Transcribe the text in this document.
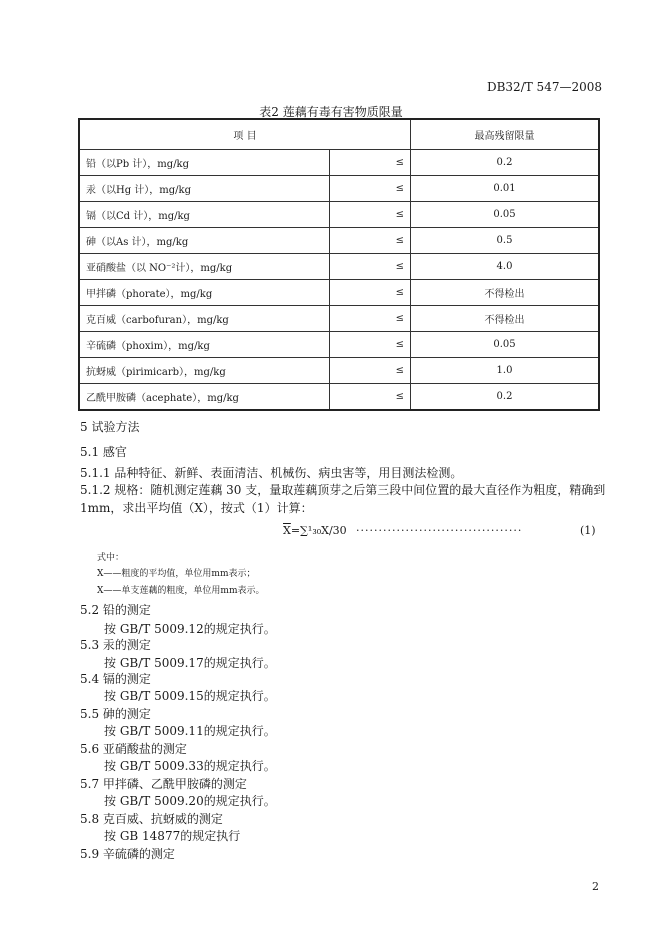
DB32/T 547—2008
表2 莲藕有毒有害物质限量
项 目		最高残留限量
铅（以Pb 计），mg/kg	≤	0.2
汞（以Hg 计），mg/kg	≤	0.01
镉（以Cd 计），mg/kg	≤	0.05
砷（以As 计），mg/kg	≤	0.5
亚硝酸盐（以 NO⁻²计），mg/kg	≤	4.0
甲拌磷（phorate），mg/kg	≤	不得检出
克百威（carbofuran），mg/kg	≤	不得检出
辛硫磷（phoxim），mg/kg	≤	0.05
抗蚜威（pirimicarb），mg/kg	≤	1.0
乙酰甲胺磷（acephate），mg/kg	≤	0.2
5 试验方法
5.1 感官
5.1.1 品种特征、新鲜、表面清洁、机械伤、病虫害等，用目测法检测。
5.1.2 规格：随机测定莲藕 30 支，量取莲藕顶芽之后第三段中间位置的最大直径作为粗度，精确到
1mm，求出平均值（X），按式（1）计算：
$\overline{X}=\sum^1_{30}X/30$ ·····································	(1)
式中：
X——粗度的平均值，单位用mm表示；
X——单支莲藕的粗度，单位用mm表示。
5.2 铅的测定
按 GB/T 5009.12的规定执行。
5.3 汞的测定
按 GB/T 5009.17的规定执行。
5.4 镉的测定
按 GB/T 5009.15的规定执行。
5.5 砷的测定
按 GB/T 5009.11的规定执行。
5.6 亚硝酸盐的测定
按 GB/T 5009.33的规定执行。
5.7 甲拌磷、乙酰甲胺磷的测定
按 GB/T 5009.20的规定执行。
5.8 克百威、抗蚜威的测定
按 GB 14877的规定执行
5.9 辛硫磷的测定
2
